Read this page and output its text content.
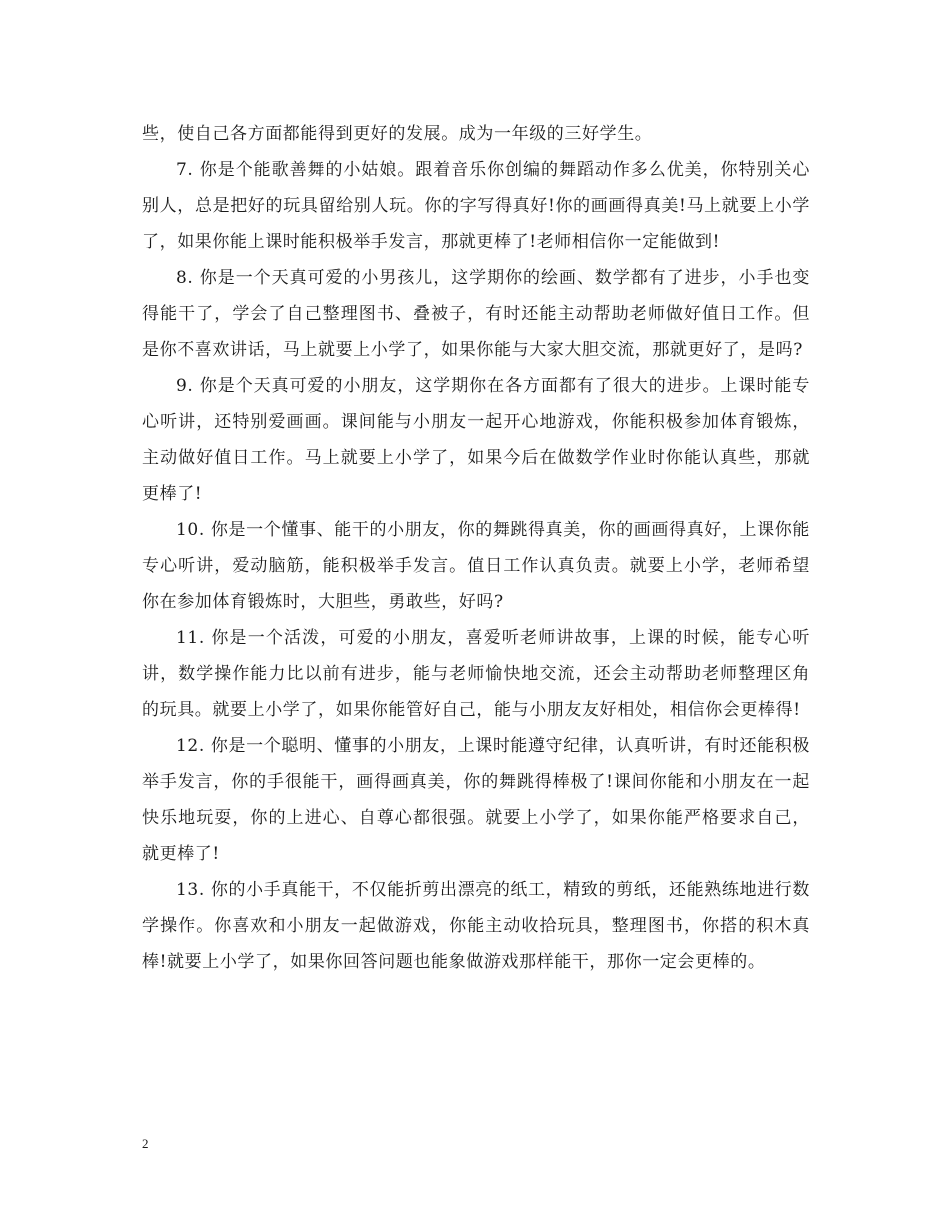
些，使自己各方面都能得到更好的发展。成为一年级的三好学生。

7. 你是个能歌善舞的小姑娘。跟着音乐你创编的舞蹈动作多么优美，你特别关心别人，总是把好的玩具留给别人玩。你的字写得真好!你的画画得真美!马上就要上小学了，如果你能上课时能积极举手发言，那就更棒了!老师相信你一定能做到!

8. 你是一个天真可爱的小男孩儿，这学期你的绘画、数学都有了进步，小手也变得能干了，学会了自己整理图书、叠被子，有时还能主动帮助老师做好值日工作。但是你不喜欢讲话，马上就要上小学了，如果你能与大家大胆交流，那就更好了，是吗?

9. 你是个天真可爱的小朋友，这学期你在各方面都有了很大的进步。上课时能专心听讲，还特别爱画画。课间能与小朋友一起开心地游戏，你能积极参加体育锻炼，主动做好值日工作。马上就要上小学了，如果今后在做数学作业时你能认真些，那就更棒了!

10. 你是一个懂事、能干的小朋友，你的舞跳得真美，你的画画得真好，上课你能专心听讲，爱动脑筋，能积极举手发言。值日工作认真负责。就要上小学，老师希望你在参加体育锻炼时，大胆些，勇敢些，好吗?

11. 你是一个活泼，可爱的小朋友，喜爱听老师讲故事，上课的时候，能专心听讲，数学操作能力比以前有进步，能与老师愉快地交流，还会主动帮助老师整理区角的玩具。就要上小学了，如果你能管好自己，能与小朋友友好相处，相信你会更棒得!

12. 你是一个聪明、懂事的小朋友，上课时能遵守纪律，认真听讲，有时还能积极举手发言，你的手很能干，画得画真美，你的舞跳得棒极了!课间你能和小朋友在一起快乐地玩耍，你的上进心、自尊心都很强。就要上小学了，如果你能严格要求自己，就更棒了!

13. 你的小手真能干，不仅能折剪出漂亮的纸工，精致的剪纸，还能熟练地进行数学操作。你喜欢和小朋友一起做游戏，你能主动收拾玩具，整理图书，你搭的积木真棒!就要上小学了，如果你回答问题也能象做游戏那样能干，那你一定会更棒的。

2
